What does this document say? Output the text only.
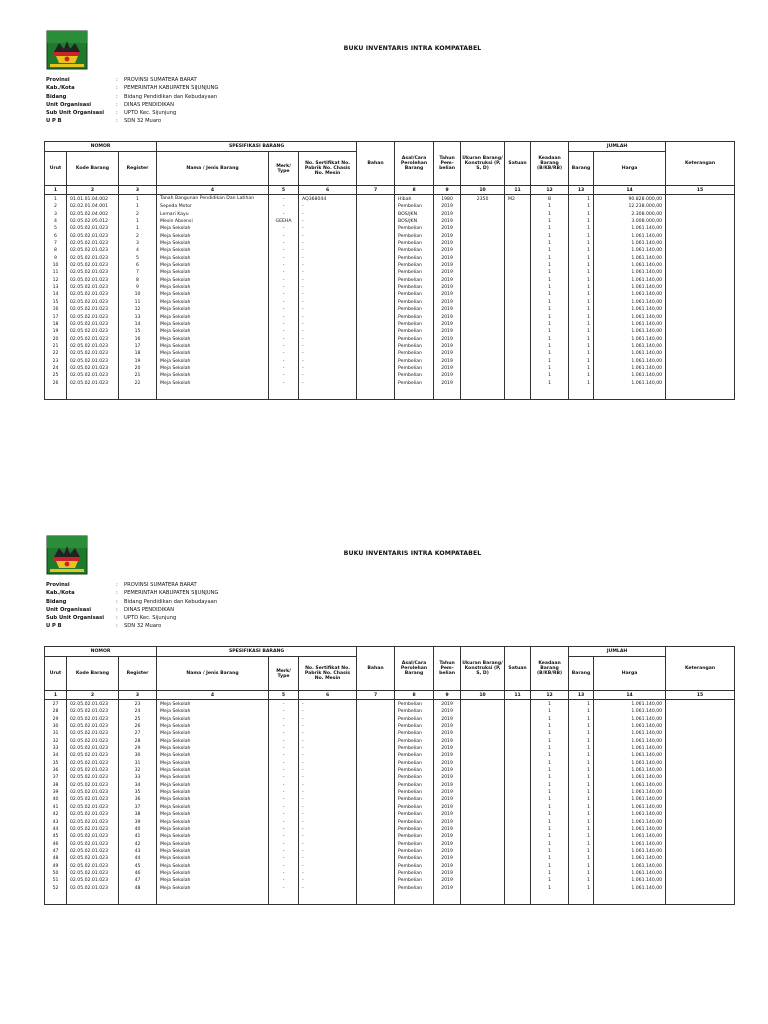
BUKU INVENTARIS INTRA KOMPATABEL
Provinsi	:	PROVINSI SUMATERA BARAT
Kab./Kota	:	PEMERINTAH KABUPATEN SIJUNJUNG
Bidang	:	Bidang Pendidikan dan Kebudayaan
Unit Organisasi	:	DINAS PENDIDIKAN
Sub Unit Organisasi	:	UPTD Kec. Sijunjung
U P B	:	SDN 32 Muaro
NOMOR			SPESIFIKASI BARANG			Bahan	Asal/Cara Perolehan Barang	Tahun Pem-belian	Ukuran Barang/ Konstruksi (P, S, D)	Satuan	Keadaan Barang (B/KB/RB)	JUMLAH		Keterangan
Urut	Kode Barang	Register	Nama / Jenis Barang	Merk/ Type	No. Sertifikat No. Pabrik No. Chasis No. Mesin							Barang	Harga	
1	2	3	4	5	6	7	8	9	10	11	12	13	14	15
1	01.01.01.04.002	1	Tanah Bangunan Pendidikan Dan Latihan	-	AQ368044		Hibah	1980	2350	M2	B	1	90.828.000,00	
2	02.02.01.04.001	1	Sepeda Motor	-	-		Pembelian	2019			1	1	12.238.000,00	
3	02.05.02.04.002	2	Lemari Kayu	-	-		BOS/JKN	2019			1	1	2.308.000,00	
4	02.05.02.05.012	1	Mesin Absensi	GEEHA	-		BOS/JKN	2019			1	1	3.008.000,00	
5	02.05.02.01.023	1	Meja Sekolah	-	-		Pembelian	2019			1	1	1.061.140,00	
6	02.05.02.01.023	2	Meja Sekolah	-	-		Pembelian	2019			1	1	1.061.140,00	
7	02.05.02.01.023	3	Meja Sekolah	-	-		Pembelian	2019			1	1	1.061.140,00	
8	02.05.02.01.023	4	Meja Sekolah	-	-		Pembelian	2019			1	1	1.061.140,00	
9	02.05.02.01.023	5	Meja Sekolah	-	-		Pembelian	2019			1	1	1.061.140,00	
10	02.05.02.01.023	6	Meja Sekolah	-	-		Pembelian	2019			1	1	1.061.140,00	
11	02.05.02.01.023	7	Meja Sekolah	-	-		Pembelian	2019			1	1	1.061.140,00	
12	02.05.02.01.023	8	Meja Sekolah	-	-		Pembelian	2019			1	1	1.061.140,00	
13	02.05.02.01.023	9	Meja Sekolah	-	-		Pembelian	2019			1	1	1.061.140,00	
14	02.05.02.01.023	10	Meja Sekolah	-	-		Pembelian	2019			1	1	1.061.140,00	
15	02.05.02.01.023	11	Meja Sekolah	-	-		Pembelian	2019			1	1	1.061.140,00	
16	02.05.02.01.023	12	Meja Sekolah	-	-		Pembelian	2019			1	1	1.061.140,00	
17	02.05.02.01.023	13	Meja Sekolah	-	-		Pembelian	2019			1	1	1.061.140,00	
18	02.05.02.01.023	14	Meja Sekolah	-	-		Pembelian	2019			1	1	1.061.140,00	
19	02.05.02.01.023	15	Meja Sekolah	-	-		Pembelian	2019			1	1	1.061.140,00	
20	02.05.02.01.023	16	Meja Sekolah	-	-		Pembelian	2019			1	1	1.061.140,00	
21	02.05.02.01.023	17	Meja Sekolah	-	-		Pembelian	2019			1	1	1.061.140,00	
22	02.05.02.01.023	18	Meja Sekolah	-	-		Pembelian	2019			1	1	1.061.140,00	
23	02.05.02.01.023	19	Meja Sekolah	-	-		Pembelian	2019			1	1	1.061.140,00	
24	02.05.02.01.023	20	Meja Sekolah	-	-		Pembelian	2019			1	1	1.061.140,00	
25	02.05.02.01.023	21	Meja Sekolah	-	-		Pembelian	2019			1	1	1.061.140,00	
26	02.05.02.01.023	22	Meja Sekolah	-	-		Pembelian	2019			1	1	1.061.140,00	

BUKU INVENTARIS INTRA KOMPATABEL
Provinsi	:	PROVINSI SUMATERA BARAT
Kab./Kota	:	PEMERINTAH KABUPATEN SIJUNJUNG
Bidang	:	Bidang Pendidikan dan Kebudayaan
Unit Organisasi	:	DINAS PENDIDIKAN
Sub Unit Organisasi	:	UPTD Kec. Sijunjung
U P B	:	SDN 32 Muaro
NOMOR			SPESIFIKASI BARANG			Bahan	Asal/Cara Perolehan Barang	Tahun Pem-belian	Ukuran Barang/ Konstruksi (P, S, D)	Satuan	Keadaan Barang (B/KB/RB)	JUMLAH		Keterangan
Urut	Kode Barang	Register	Nama / Jenis Barang	Merk/ Type	No. Sertifikat No. Pabrik No. Chasis No. Mesin							Barang	Harga	
1	2	3	4	5	6	7	8	9	10	11	12	13	14	15
27	02.05.02.01.023	23	Meja Sekolah	-	-		Pembelian	2019			1	1	1.061.140,00	
28	02.05.02.01.023	24	Meja Sekolah	-	-		Pembelian	2019			1	1	1.061.140,00	
29	02.05.02.01.023	25	Meja Sekolah	-	-		Pembelian	2019			1	1	1.061.140,00	
30	02.05.02.01.023	26	Meja Sekolah	-	-		Pembelian	2019			1	1	1.061.140,00	
31	02.05.02.01.023	27	Meja Sekolah	-	-		Pembelian	2019			1	1	1.061.140,00	
32	02.05.02.01.023	28	Meja Sekolah	-	-		Pembelian	2019			1	1	1.061.140,00	
33	02.05.02.01.023	29	Meja Sekolah	-	-		Pembelian	2019			1	1	1.061.140,00	
34	02.05.02.01.023	30	Meja Sekolah	-	-		Pembelian	2019			1	1	1.061.140,00	
35	02.05.02.01.023	31	Meja Sekolah	-	-		Pembelian	2019			1	1	1.061.140,00	
36	02.05.02.01.023	32	Meja Sekolah	-	-		Pembelian	2019			1	1	1.061.140,00	
37	02.05.02.01.023	33	Meja Sekolah	-	-		Pembelian	2019			1	1	1.061.140,00	
38	02.05.02.01.023	34	Meja Sekolah	-	-		Pembelian	2019			1	1	1.061.140,00	
39	02.05.02.01.023	35	Meja Sekolah	-	-		Pembelian	2019			1	1	1.061.140,00	
40	02.05.02.01.023	36	Meja Sekolah	-	-		Pembelian	2019			1	1	1.061.140,00	
41	02.05.02.01.023	37	Meja Sekolah	-	-		Pembelian	2019			1	1	1.061.140,00	
42	02.05.02.01.023	38	Meja Sekolah	-	-		Pembelian	2019			1	1	1.061.140,00	
43	02.05.02.01.023	39	Meja Sekolah	-	-		Pembelian	2019			1	1	1.061.140,00	
44	02.05.02.01.023	40	Meja Sekolah	-	-		Pembelian	2019			1	1	1.061.140,00	
45	02.05.02.01.023	41	Meja Sekolah	-	-		Pembelian	2019			1	1	1.061.140,00	
46	02.05.02.01.023	42	Meja Sekolah	-	-		Pembelian	2019			1	1	1.061.140,00	
47	02.05.02.01.023	43	Meja Sekolah	-	-		Pembelian	2019			1	1	1.061.140,00	
48	02.05.02.01.023	44	Meja Sekolah	-	-		Pembelian	2019			1	1	1.061.140,00	
49	02.05.02.01.023	45	Meja Sekolah	-	-		Pembelian	2019			1	1	1.061.140,00	
50	02.05.02.01.023	46	Meja Sekolah	-	-		Pembelian	2019			1	1	1.061.140,00	
51	02.05.02.01.023	47	Meja Sekolah	-	-		Pembelian	2019			1	1	1.061.140,00	
52	02.05.02.01.023	48	Meja Sekolah	-	-		Pembelian	2019			1	1	1.061.140,00	
